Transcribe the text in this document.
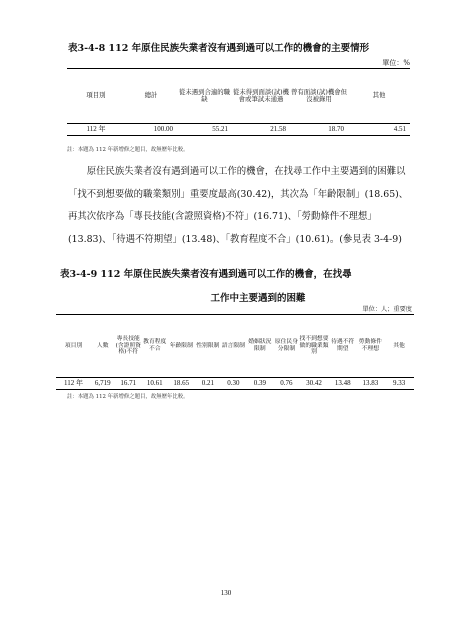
表3-4-8 112 年原住民族失業者沒有遇到過可以工作的機會的主要情形
單位：%
項目別	總計	從未遇到合適的職缺	從未得到面談(試)機會或筆試未通過	曾有面談(試)機會但沒被錄用	其他
112 年	100.00	55.21	21.58	18.70	4.51
註：本題為 112 年新增修之題目，故無歷年比較。

原住民族失業者沒有遇到過可以工作的機會，在找尋工作中主要遇到的困難以「找不到想要做的職業類別」重要度最高(30.42)，其次為「年齡限制」(18.65)、再其次依序為「專長技能(含證照資格)不符」(16.71)、「勞動條件不理想」(13.83)、「待遇不符期望」(13.48)、「教育程度不合」(10.61)。(參見表 3-4-9)

表3-4-9 112 年原住民族失業者沒有遇到過可以工作的機會，在找尋
工作中主要遇到的困難
單位：人；重要度
項目別	人數	專長技能(含證照資格)不符	教育程度不合	年齡限制	性別限制	語言限制	婚姻狀況限制	原住民身分限制	找不到想要做的職業類別	待遇不符期望	勞動條件不理想	其他
112 年	6,719	16.71	10.61	18.65	0.21	0.30	0.39	0.76	30.42	13.48	13.83	9.33
註：本題為 112 年新增修之題目，故無歷年比較。
130
